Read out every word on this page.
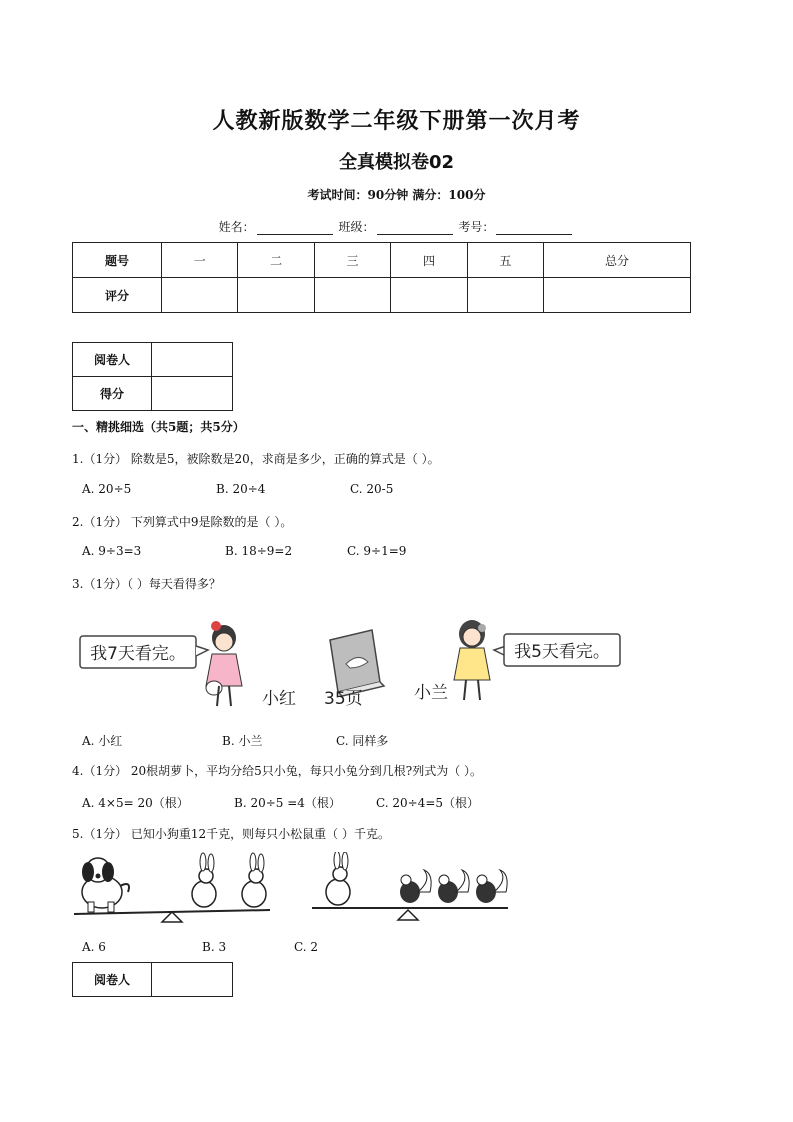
人教新版数学二年级下册第一次月考
全真模拟卷02
考试时间：90分钟 满分：100分
姓名：	班级：	考号：
题号	一	二	三	四	五	总分
评分						
阅卷人	
得分	
一、精挑细选（共5题；共5分）
1.（1分） 除数是5，被除数是20，求商是多少，正确的算式是（ ）。
A. 20÷5	B. 20÷4	C. 20-5
2.（1分） 下列算式中9是除数的是（ ）。
A. 9÷3=3	B. 18÷9=2	C. 9÷1=9
3.（1分）（ ）每天看得多？
我7天看完。
小红 35页	小兰
我5天看完。
A. 小红	B. 小兰	C. 同样多
4.（1分） 20根胡萝卜，平均分给5只小兔，每只小兔分到几根?列式为（ ）。
A. 4×5= 20（根）	B. 20÷5 =4（根）	C. 20÷4=5（根）
5.（1分） 已知小狗重12千克，则每只小松鼠重（ ）千克。
A. 6	B. 3	C. 2
阅卷人	
